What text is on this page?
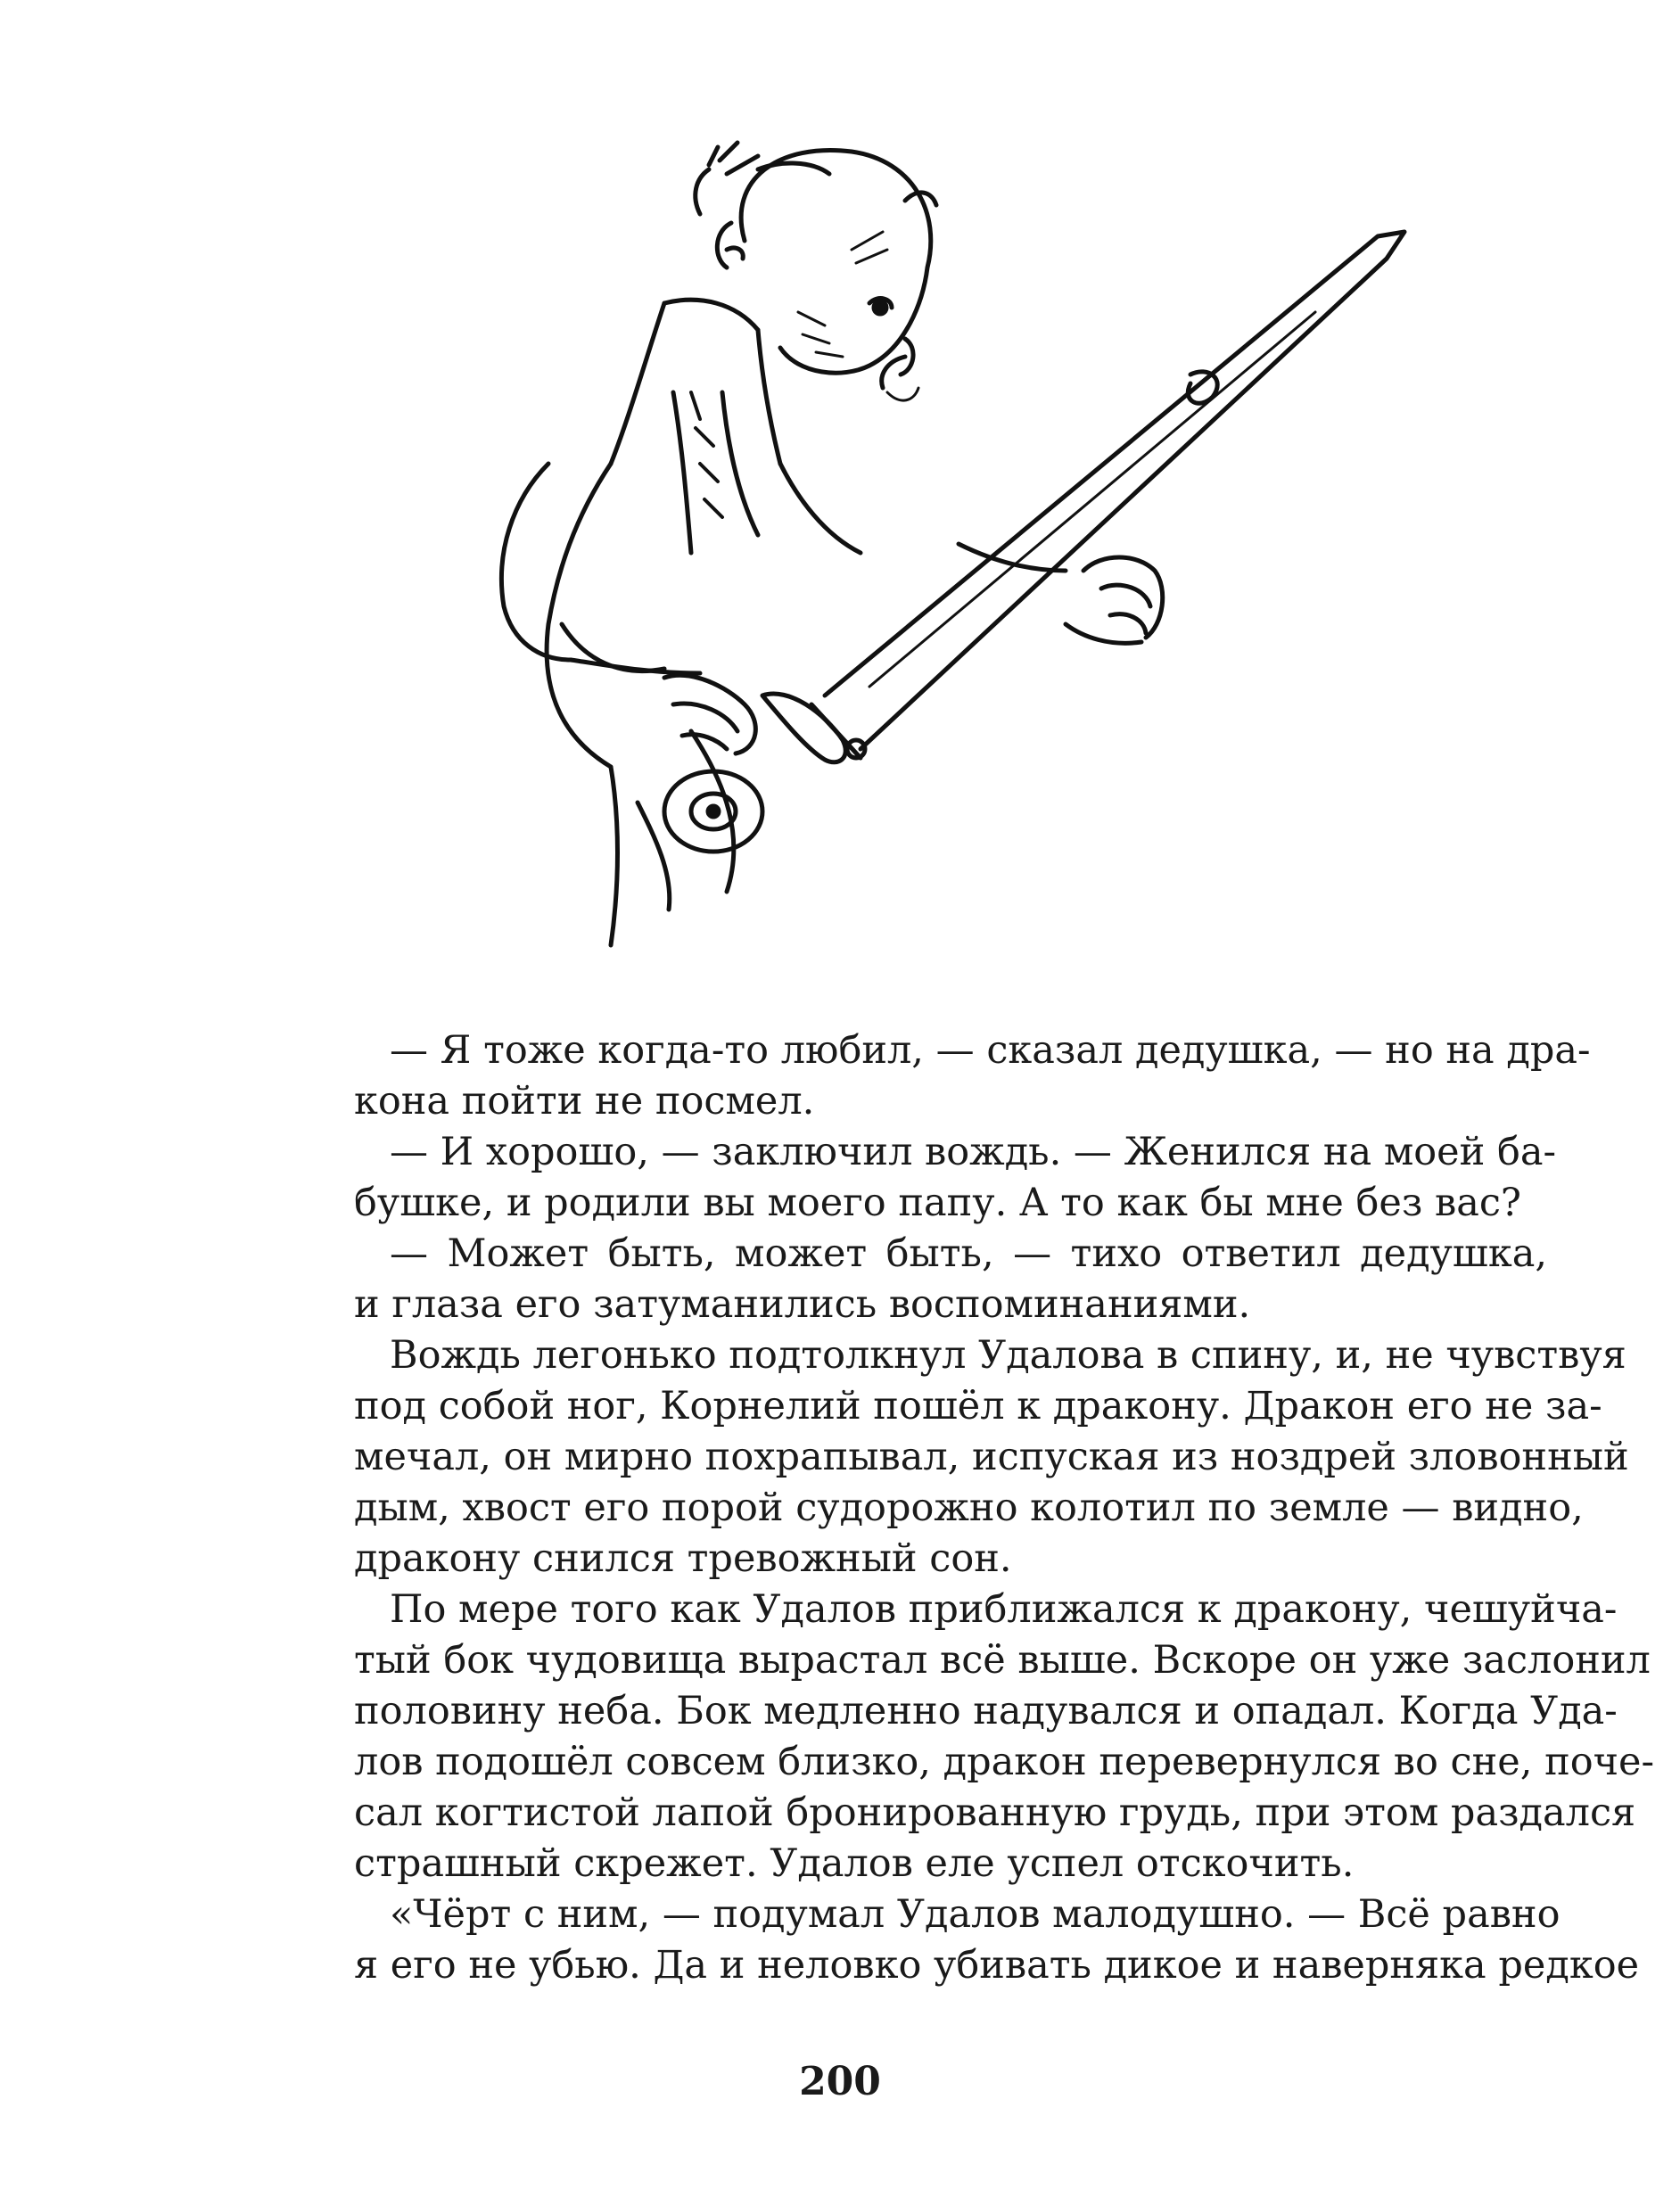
— Я тоже когда-то любил, — сказал дедушка, — но на дра-
кона пойти не посмел.
— И хорошо, — заключил вождь. — Женился на моей ба-
бушке, и родили вы моего папу. А то как бы мне без вас?
— Может быть, может быть, — тихо ответил дедушка,
и глаза его затуманились воспоминаниями.
Вождь легонько подтолкнул Удалова в спину, и, не чувствуя
под собой ног, Корнелий пошёл к дракону. Дракон его не за-
мечал, он мирно похрапывал, испуская из ноздрей зловонный
дым, хвост его порой судорожно колотил по земле — видно,
дракону снился тревожный сон.
По мере того как Удалов приближался к дракону, чешуйча-
тый бок чудовища вырастал всё выше. Вскоре он уже заслонил
половину неба. Бок медленно надувался и опадал. Когда Уда-
лов подошёл совсем близко, дракон перевернулся во сне, поче-
сал когтистой лапой бронированную грудь, при этом раздался
страшный скрежет. Удалов еле успел отскочить.
«Чёрт с ним, — подумал Удалов малодушно. — Всё равно
я его не убью. Да и неловко убивать дикое и наверняка редкое
200
